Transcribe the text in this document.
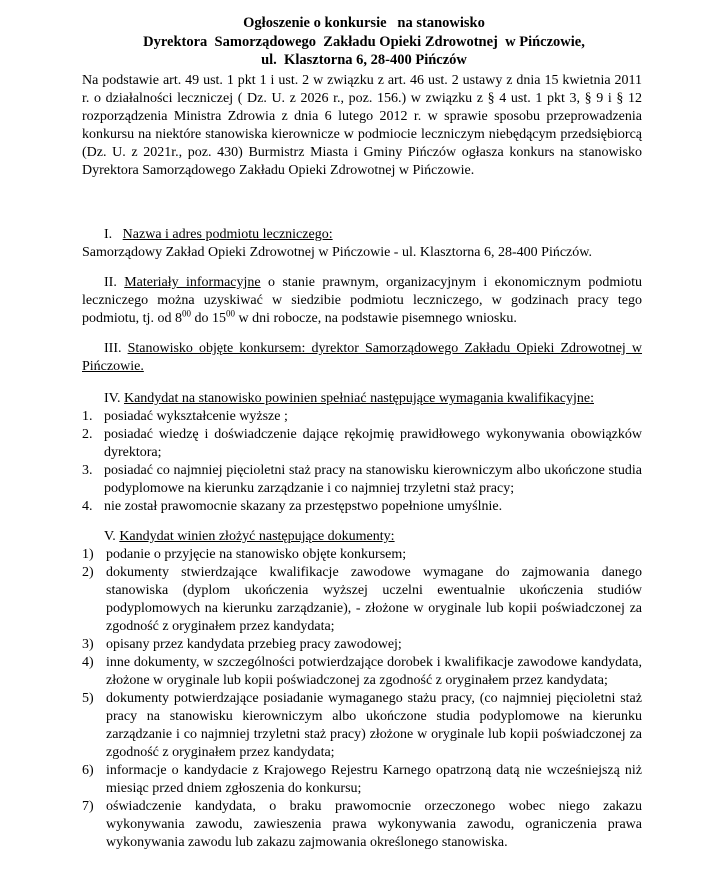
Ogłoszenie o konkursie   na stanowisko
Dyrektora  Samorządowego  Zakładu Opieki Zdrowotnej  w Pińczowie,
ul.  Klasztorna 6, 28-400 Pińczów
Na podstawie art. 49 ust. 1 pkt 1 i ust. 2 w związku z art. 46 ust. 2 ustawy z dnia 15 kwietnia 2011 r. o działalności leczniczej ( Dz. U. z 2026 r., poz. 156.) w związku z § 4 ust. 1 pkt 3, § 9 i § 12 rozporządzenia Ministra Zdrowia z dnia 6 lutego 2012 r. w sprawie sposobu przeprowadzenia konkursu na niektóre stanowiska kierownicze w podmiocie leczniczym niebędącym przedsiębiorcą (Dz. U. z 2021r., poz. 430) Burmistrz Miasta i Gminy Pińczów ogłasza konkurs na stanowisko Dyrektora Samorządowego Zakładu Opieki Zdrowotnej w Pińczowie.
I. Nazwa i adres podmiotu leczniczego:
Samorządowy Zakład Opieki Zdrowotnej w Pińczowie - ul. Klasztorna 6, 28-400 Pińczów.
II. Materiały informacyjne o stanie prawnym, organizacyjnym i ekonomicznym podmiotu leczniczego można uzyskiwać w siedzibie podmiotu leczniczego, w godzinach pracy tego podmiotu, tj. od $8^{00}$ do $15^{00}$ w dni robocze, na podstawie pisemnego wniosku.
III. Stanowisko objęte konkursem: dyrektor Samorządowego Zakładu Opieki Zdrowotnej w Pińczowie.
IV. Kandydat na stanowisko powinien spełniać następujące wymagania kwalifikacyjne:
1. posiadać wykształcenie wyższe ;
2. posiadać wiedzę i doświadczenie dające rękojmię prawidłowego wykonywania obowiązków dyrektora;
3. posiadać co najmniej pięcioletni staż pracy na stanowisku kierowniczym albo ukończone studia podyplomowe na kierunku zarządzanie i co najmniej trzyletni staż pracy;
4. nie został prawomocnie skazany za przestępstwo popełnione umyślnie.
V. Kandydat winien złożyć następujące dokumenty:
1) podanie o przyjęcie na stanowisko objęte konkursem;
2) dokumenty stwierdzające kwalifikacje zawodowe wymagane do zajmowania danego stanowiska (dyplom ukończenia wyższej uczelni ewentualnie ukończenia studiów podyplomowych na kierunku zarządzanie), - złożone w oryginale lub kopii poświadczonej za zgodność z oryginałem przez kandydata;
3) opisany przez kandydata przebieg pracy zawodowej;
4) inne dokumenty, w szczególności potwierdzające dorobek i kwalifikacje zawodowe kandydata, złożone w oryginale lub kopii poświadczonej za zgodność z oryginałem przez kandydata;
5) dokumenty potwierdzające posiadanie wymaganego stażu pracy, (co najmniej pięcioletni staż pracy na stanowisku kierowniczym albo ukończone studia podyplomowe na kierunku zarządzanie i co najmniej trzyletni staż pracy) złożone w oryginale lub kopii poświadczonej za zgodność z oryginałem przez kandydata;
6) informacje o kandydacie z Krajowego Rejestru Karnego opatrzoną datą nie wcześniejszą niż miesiąc przed dniem zgłoszenia do konkursu;
7) oświadczenie kandydata, o braku prawomocnie orzeczonego wobec niego zakazu wykonywania zawodu, zawieszenia prawa wykonywania zawodu, ograniczenia prawa wykonywania zawodu lub zakazu zajmowania określonego stanowiska.
